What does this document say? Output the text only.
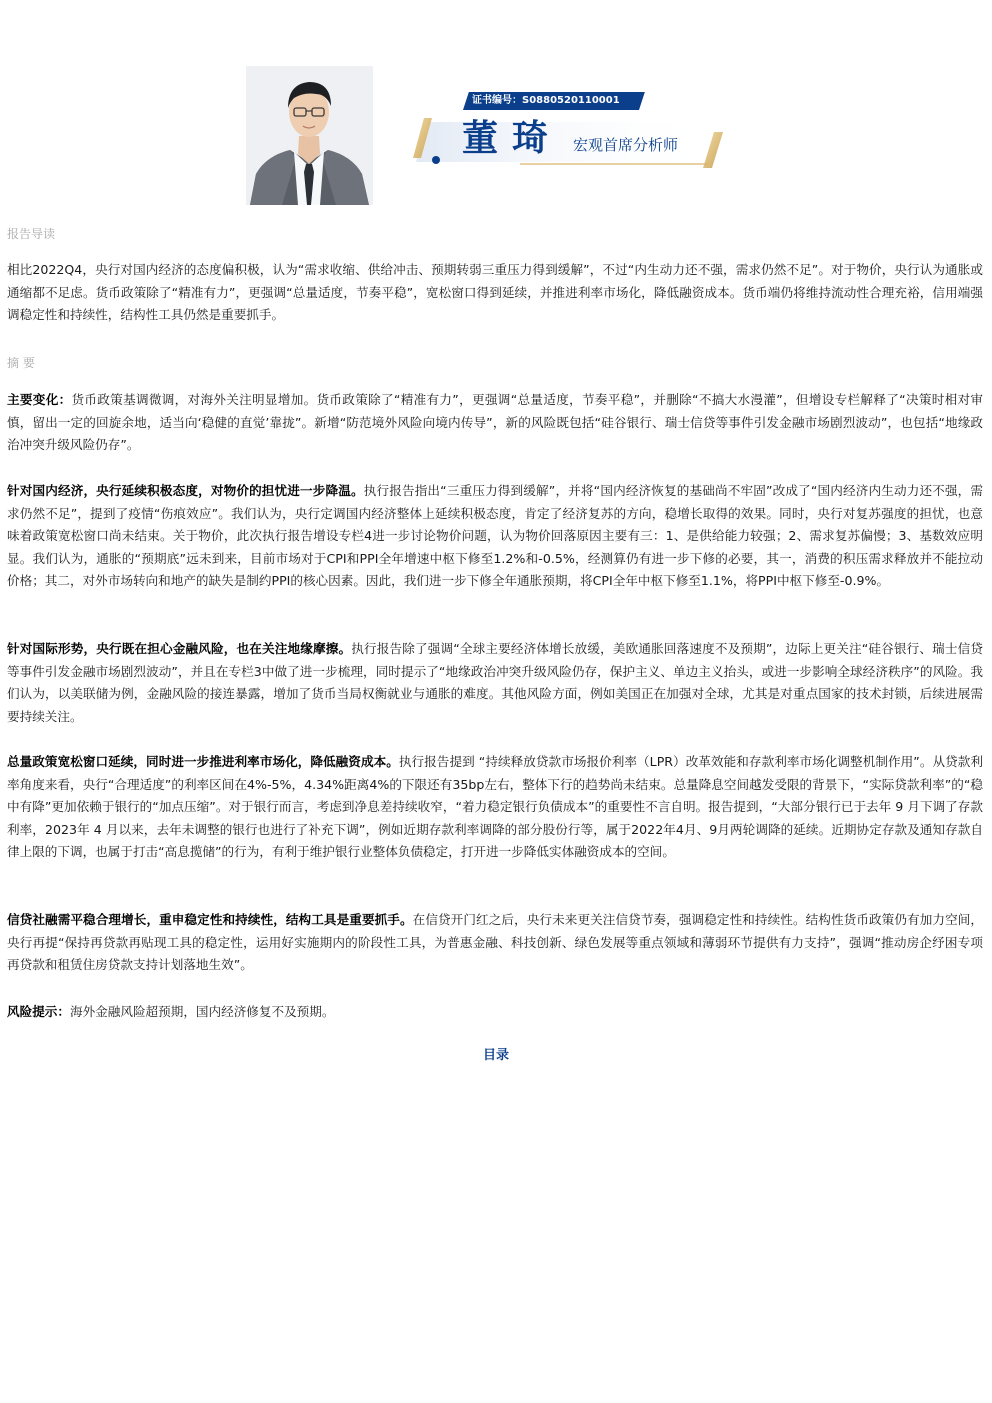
证书编号：S0880520110001
董琦 宏观首席分析师
报告导读

相比2022Q4，央行对国内经济的态度偏积极，认为“需求收缩、供给冲击、预期转弱三重压力得到缓解”，不过“内生动力还不强，需求仍然不足”。对于物价，央行认为通胀或通缩都不足虑。货币政策除了“精准有力”，更强调“总量适度，节奏平稳”，宽松窗口得到延续，并推进利率市场化，降低融资成本。货币端仍将维持流动性合理充裕，信用端强调稳定性和持续性，结构性工具仍然是重要抓手。

摘 要

主要变化：货币政策基调微调，对海外关注明显增加。货币政策除了“精准有力”，更强调“总量适度，节奏平稳”，并删除“不搞大水漫灌”，但增设专栏解释了“决策时相对审慎，留出一定的回旋余地，适当向‘稳健的直觉’靠拢”。新增“防范境外风险向境内传导”，新的风险既包括“硅谷银行、瑞士信贷等事件引发金融市场剧烈波动”，也包括“地缘政治冲突升级风险仍存”。

针对国内经济，央行延续积极态度，对物价的担忧进一步降温。执行报告指出“三重压力得到缓解”，并将“国内经济恢复的基础尚不牢固”改成了“国内经济内生动力还不强，需求仍然不足”，提到了疫情“伤痕效应”。我们认为，央行定调国内经济整体上延续积极态度，肯定了经济复苏的方向，稳增长取得的效果。同时，央行对复苏强度的担忧，也意味着政策宽松窗口尚未结束。关于物价，此次执行报告增设专栏4进一步讨论物价问题，认为物价回落原因主要有三：1、是供给能力较强；2、需求复苏偏慢；3、基数效应明显。我们认为，通胀的“预期底”远未到来，目前市场对于CPI和PPI全年增速中枢下修至1.2%和-0.5%，经测算仍有进一步下修的必要，其一，消费的积压需求释放并不能拉动价格；其二，对外市场转向和地产的缺失是制约PPI的核心因素。因此，我们进一步下修全年通胀预期，将CPI全年中枢下修至1.1%，将PPI中枢下修至-0.9%。

针对国际形势，央行既在担心金融风险，也在关注地缘摩擦。执行报告除了强调“全球主要经济体增长放缓，美欧通胀回落速度不及预期”，边际上更关注“硅谷银行、瑞士信贷等事件引发金融市场剧烈波动”，并且在专栏3中做了进一步梳理，同时提示了“地缘政治冲突升级风险仍存，保护主义、单边主义抬头，或进一步影响全球经济秩序”的风险。我们认为，以美联储为例，金融风险的接连暴露，增加了货币当局权衡就业与通胀的难度。其他风险方面，例如美国正在加强对全球，尤其是对重点国家的技术封锁，后续进展需要持续关注。

总量政策宽松窗口延续，同时进一步推进利率市场化，降低融资成本。执行报告提到 “持续释放贷款市场报价利率（LPR）改革效能和存款利率市场化调整机制作用”。从贷款利率角度来看，央行“合理适度”的利率区间在4%-5%，4.34%距离4%的下限还有35bp左右，整体下行的趋势尚未结束。总量降息空间越发受限的背景下，“实际贷款利率”的“稳中有降”更加依赖于银行的“加点压缩”。对于银行而言，考虑到净息差持续收窄，“着力稳定银行负债成本”的重要性不言自明。报告提到，“大部分银行已于去年 9 月下调了存款利率，2023年 4 月以来，去年未调整的银行也进行了补充下调”，例如近期存款利率调降的部分股份行等，属于2022年4月、9月两轮调降的延续。近期协定存款及通知存款自律上限的下调，也属于打击“高息揽储”的行为，有利于维护银行业整体负债稳定，打开进一步降低实体融资成本的空间。

信贷社融需平稳合理增长，重申稳定性和持续性，结构工具是重要抓手。在信贷开门红之后，央行未来更关注信贷节奏，强调稳定性和持续性。结构性货币政策仍有加力空间，央行再提“保持再贷款再贴现工具的稳定性，运用好实施期内的阶段性工具，为普惠金融、科技创新、绿色发展等重点领域和薄弱环节提供有力支持”，强调“推动房企纾困专项再贷款和租赁住房贷款支持计划落地生效”。

风险提示：海外金融风险超预期，国内经济修复不及预期。

目录
